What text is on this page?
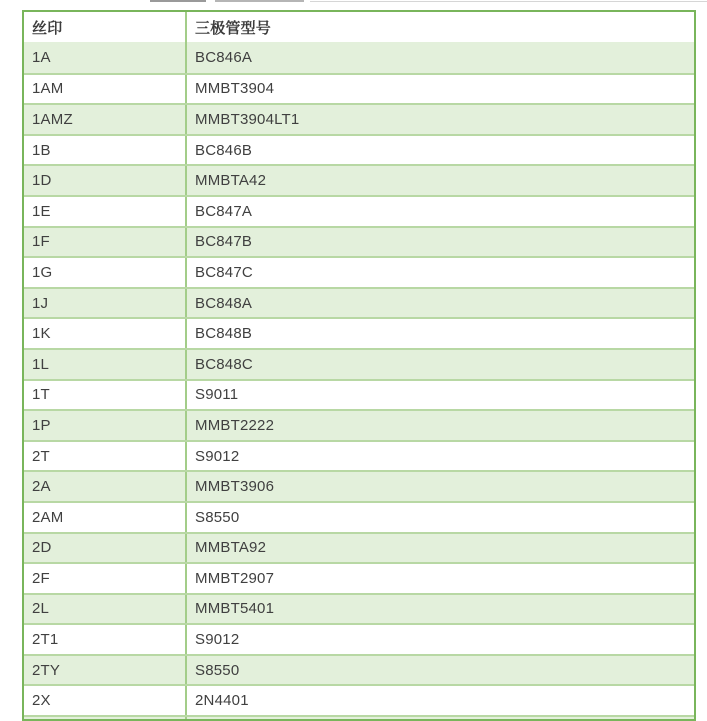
丝印	三极管型号
1A	BC846A
1AM	MMBT3904
1AMZ	MMBT3904LT1
1B	BC846B
1D	MMBTA42
1E	BC847A
1F	BC847B
1G	BC847C
1J	BC848A
1K	BC848B
1L	BC848C
1T	S9011
1P	MMBT2222
2T	S9012
2A	MMBT3906
2AM	S8550
2D	MMBTA92
2F	MMBT2907
2L	MMBT5401
2T1	S9012
2TY	S8550
2X	2N4401
